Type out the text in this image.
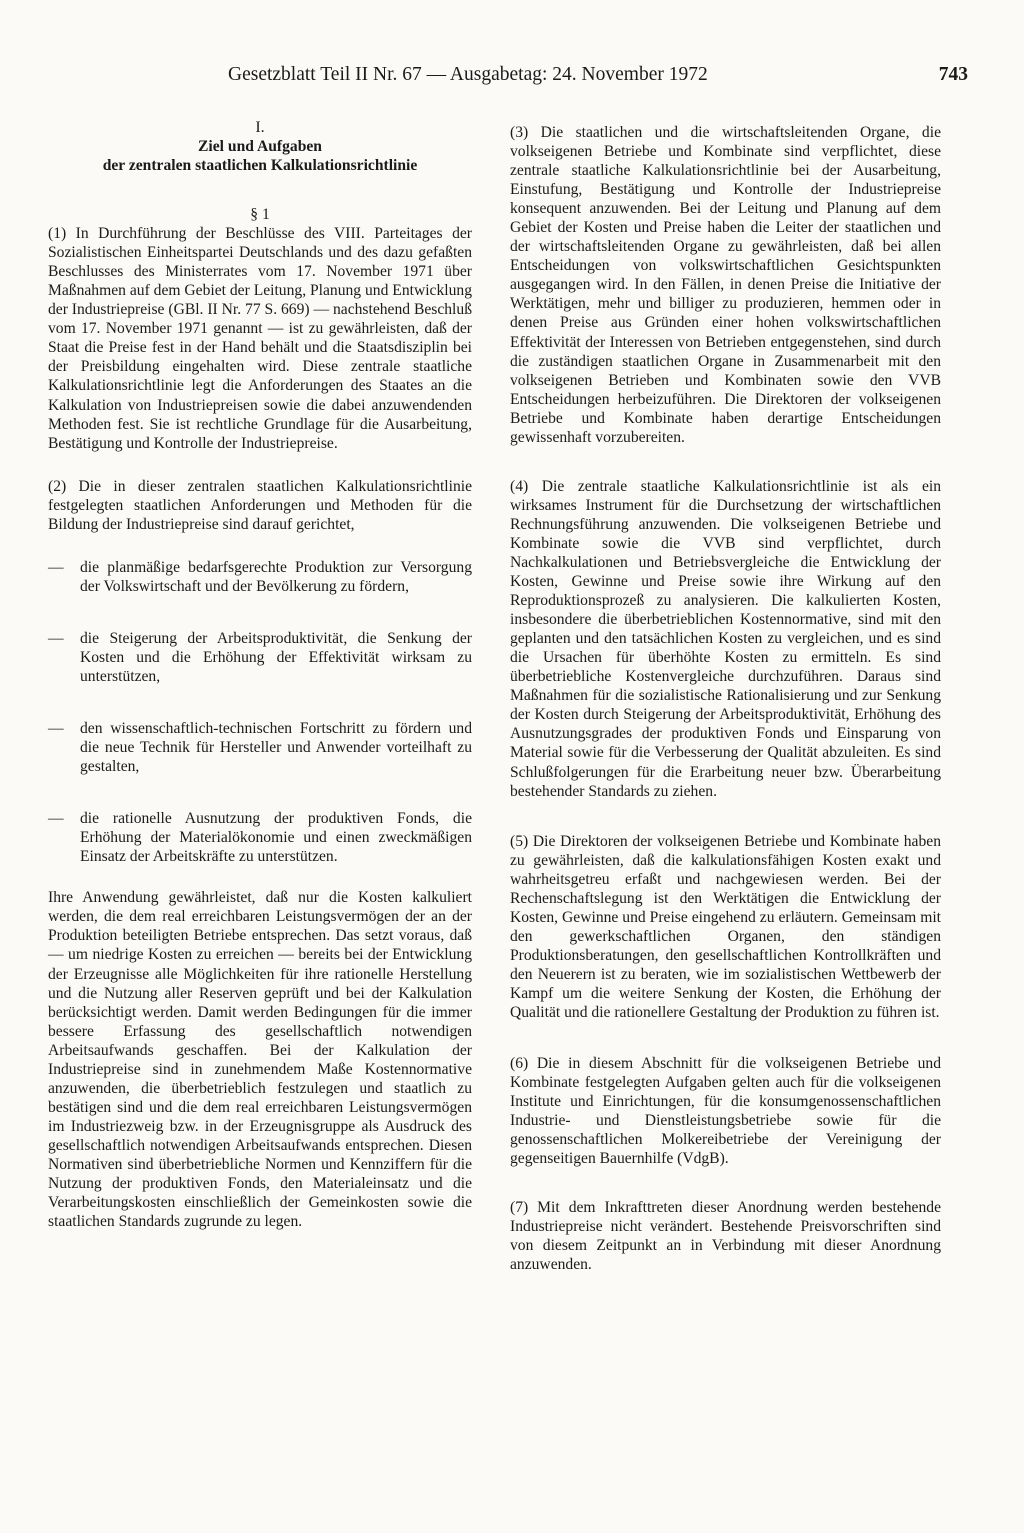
Gesetzblatt Teil II Nr. 67 — Ausgabetag: 24. November 1972	743

I.

Ziel und Aufgaben
der zentralen staatlichen Kalkulationsrichtlinie

§ 1

(1) In Durchführung der Beschlüsse des VIII. Parteitages der Sozialistischen Einheitspartei Deutschlands und des dazu gefaßten Beschlusses des Ministerrates vom 17. November 1971 über Maßnahmen auf dem Gebiet der Leitung, Planung und Entwicklung der Industriepreise (GBl. II Nr. 77 S. 669) — nachstehend Beschluß vom 17. November 1971 genannt — ist zu gewährleisten, daß der Staat die Preise fest in der Hand behält und die Staatsdisziplin bei der Preisbildung eingehalten wird. Diese zentrale staatliche Kalkulationsrichtlinie legt die Anforderungen des Staates an die Kalkulation von Industriepreisen sowie die dabei anzuwendenden Methoden fest. Sie ist rechtliche Grundlage für die Ausarbeitung, Bestätigung und Kontrolle der Industriepreise.

(2) Die in dieser zentralen staatlichen Kalkulationsrichtlinie festgelegten staatlichen Anforderungen und Methoden für die Bildung der Industriepreise sind darauf gerichtet,

— die planmäßige bedarfsgerechte Produktion zur Versorgung der Volkswirtschaft und der Bevölkerung zu fördern,
— die Steigerung der Arbeitsproduktivität, die Senkung der Kosten und die Erhöhung der Effektivität wirksam zu unterstützen,
— den wissenschaftlich-technischen Fortschritt zu fördern und die neue Technik für Hersteller und Anwender vorteilhaft zu gestalten,
— die rationelle Ausnutzung der produktiven Fonds, die Erhöhung der Materialökonomie und einen zweckmäßigen Einsatz der Arbeitskräfte zu unterstützen.

Ihre Anwendung gewährleistet, daß nur die Kosten kalkuliert werden, die dem real erreichbaren Leistungsvermögen der an der Produktion beteiligten Betriebe entsprechen. Das setzt voraus, daß — um niedrige Kosten zu erreichen — bereits bei der Entwicklung der Erzeugnisse alle Möglichkeiten für ihre rationelle Herstellung und die Nutzung aller Reserven geprüft und bei der Kalkulation berücksichtigt werden. Damit werden Bedingungen für die immer bessere Erfassung des gesellschaftlich notwendigen Arbeitsaufwands geschaffen. Bei der Kalkulation der Industriepreise sind in zunehmendem Maße Kostennormative anzuwenden, die überbetrieblich festzulegen und staatlich zu bestätigen sind und die dem real erreichbaren Leistungsvermögen im Industriezweig bzw. in der Erzeugnisgruppe als Ausdruck des gesellschaftlich notwendigen Arbeitsaufwands entsprechen. Diesen Normativen sind überbetriebliche Normen und Kennziffern für die Nutzung der produktiven Fonds, den Materialeinsatz und die Verarbeitungskosten einschließlich der Gemeinkosten sowie die staatlichen Standards zugrunde zu legen.

(3) Die staatlichen und die wirtschaftsleitenden Organe, die volkseigenen Betriebe und Kombinate sind verpflichtet, diese zentrale staatliche Kalkulationsrichtlinie bei der Ausarbeitung, Einstufung, Bestätigung und Kontrolle der Industriepreise konsequent anzuwenden. Bei der Leitung und Planung auf dem Gebiet der Kosten und Preise haben die Leiter der staatlichen und der wirtschaftsleitenden Organe zu gewährleisten, daß bei allen Entscheidungen von volkswirtschaftlichen Gesichtspunkten ausgegangen wird. In den Fällen, in denen Preise die Initiative der Werktätigen, mehr und billiger zu produzieren, hemmen oder in denen Preise aus Gründen einer hohen volkswirtschaftlichen Effektivität der Interessen von Betrieben entgegenstehen, sind durch die zuständigen staatlichen Organe in Zusammenarbeit mit den volkseigenen Betrieben und Kombinaten sowie den VVB Entscheidungen herbeizuführen. Die Direktoren der volkseigenen Betriebe und Kombinate haben derartige Entscheidungen gewissenhaft vorzubereiten.

(4) Die zentrale staatliche Kalkulationsrichtlinie ist als ein wirksames Instrument für die Durchsetzung der wirtschaftlichen Rechnungsführung anzuwenden. Die volkseigenen Betriebe und Kombinate sowie die VVB sind verpflichtet, durch Nachkalkulationen und Betriebsvergleiche die Entwicklung der Kosten, Gewinne und Preise sowie ihre Wirkung auf den Reproduktionsprozeß zu analysieren. Die kalkulierten Kosten, insbesondere die überbetrieblichen Kostennormative, sind mit den geplanten und den tatsächlichen Kosten zu vergleichen, und es sind die Ursachen für überhöhte Kosten zu ermitteln. Es sind überbetriebliche Kostenvergleiche durchzuführen. Daraus sind Maßnahmen für die sozialistische Rationalisierung und zur Senkung der Kosten durch Steigerung der Arbeitsproduktivität, Erhöhung des Ausnutzungsgrades der produktiven Fonds und Einsparung von Material sowie für die Verbesserung der Qualität abzuleiten. Es sind Schlußfolgerungen für die Erarbeitung neuer bzw. Überarbeitung bestehender Standards zu ziehen.

(5) Die Direktoren der volkseigenen Betriebe und Kombinate haben zu gewährleisten, daß die kalkulationsfähigen Kosten exakt und wahrheitsgetreu erfaßt und nachgewiesen werden. Bei der Rechenschaftslegung ist den Werktätigen die Entwicklung der Kosten, Gewinne und Preise eingehend zu erläutern. Gemeinsam mit den gewerkschaftlichen Organen, den ständigen Produktionsberatungen, den gesellschaftlichen Kontrollkräften und den Neuerern ist zu beraten, wie im sozialistischen Wettbewerb der Kampf um die weitere Senkung der Kosten, die Erhöhung der Qualität und die rationellere Gestaltung der Produktion zu führen ist.

(6) Die in diesem Abschnitt für die volkseigenen Betriebe und Kombinate festgelegten Aufgaben gelten auch für die volkseigenen Institute und Einrichtungen, für die konsumgenossenschaftlichen Industrie- und Dienstleistungsbetriebe sowie für die genossenschaftlichen Molkereibetriebe der Vereinigung der gegenseitigen Bauernhilfe (VdgB).

(7) Mit dem Inkrafttreten dieser Anordnung werden bestehende Industriepreise nicht verändert. Bestehende Preisvorschriften sind von diesem Zeitpunkt an in Verbindung mit dieser Anordnung anzuwenden.
